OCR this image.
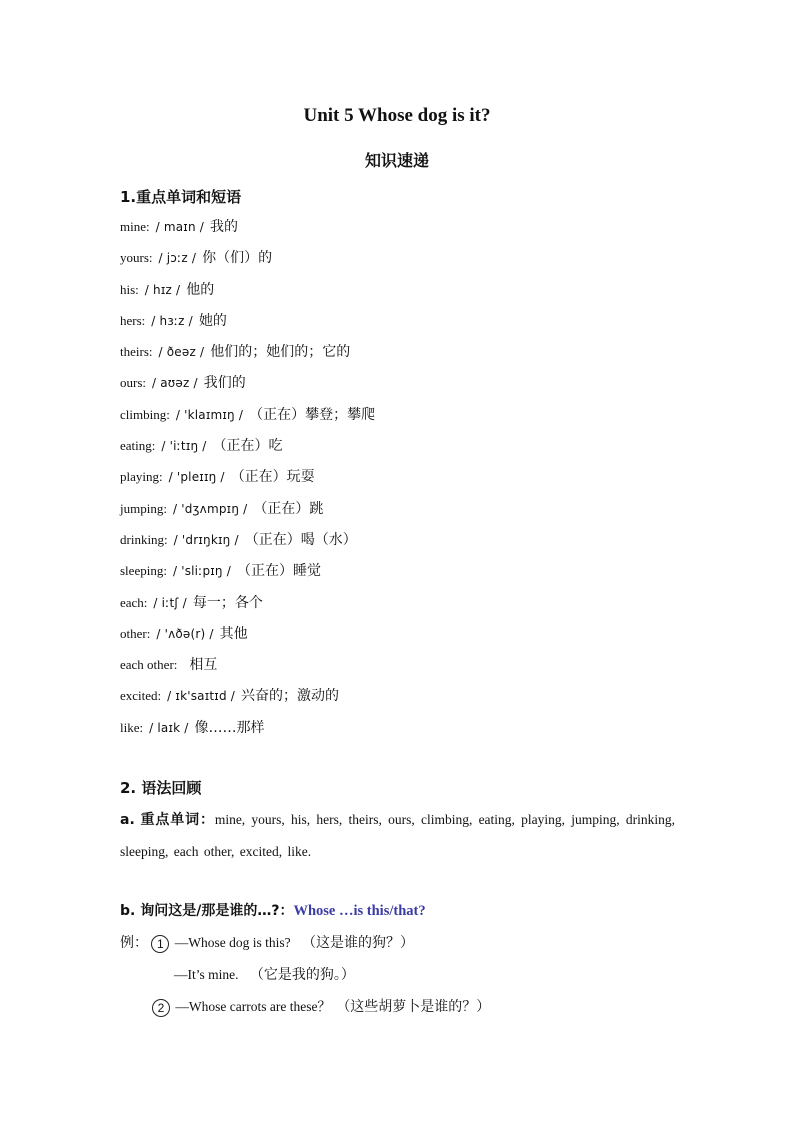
Unit 5 Whose dog is it?
知识速递
1.重点单词和短语
mine: / maɪn / 我的
yours: / jɔːz / 你（们）的
his: / hɪz / 他的
hers: / hɜːz / 她的
theirs: / ðeəz / 他们的；她们的；它的
ours: / aʊəz / 我们的
climbing: / 'klaɪmɪŋ / （正在）攀登；攀爬
eating: / 'iːtɪŋ / （正在）吃
playing: / 'pleɪɪŋ / （正在）玩耍
jumping: / 'dʒʌmpɪŋ / （正在）跳
drinking: / 'drɪŋkɪŋ / （正在）喝（水）
sleeping: / 'sliːpɪŋ / （正在）睡觉
each: / iːtʃ / 每一；各个
other: / 'ʌðə(r) / 其他
each other: 相互
excited: / ɪk'saɪtɪd / 兴奋的；激动的
like: / laɪk / 像……那样
2. 语法回顾
a. 重点单词：mine, yours, his, hers, theirs, ours, climbing, eating, playing, jumping, drinking, sleeping, each other, excited, like.
b. 询问这是/那是谁的…?：Whose …is this/that?
例： 1 —Whose dog is this? （这是谁的狗？）
—It’s mine. （它是我的狗。）
2 —Whose carrots are these？ （这些胡萝卜是谁的？）
